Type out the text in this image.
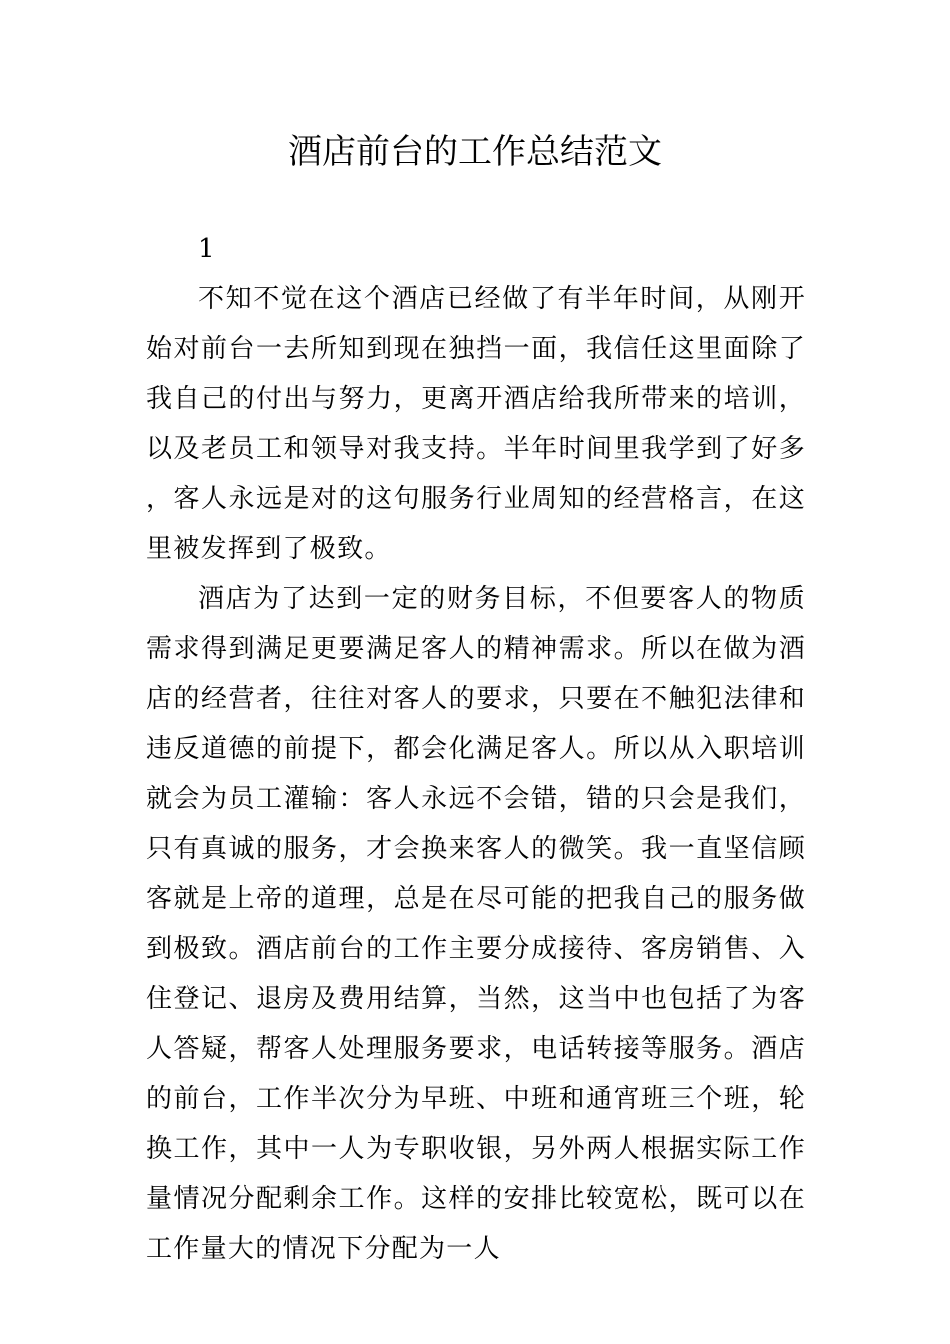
酒店前台的工作总结范文

1

不知不觉在这个酒店已经做了有半年时间，从刚开始对前台一去所知到现在独挡一面，我信任这里面除了我自己的付出与努力，更离开酒店给我所带来的培训，以及老员工和领导对我支持。半年时间里我学到了好多，客人永远是对的这句服务行业周知的经营格言，在这里被发挥到了极致。

酒店为了达到一定的财务目标，不但要客人的物质需求得到满足更要满足客人的精神需求。所以在做为酒店的经营者，往往对客人的要求，只要在不触犯法律和违反道德的前提下，都会化满足客人。所以从入职培训就会为员工灌输：客人永远不会错，错的只会是我们，只有真诚的服务，才会换来客人的微笑。我一直坚信顾客就是上帝的道理，总是在尽可能的把我自己的服务做到极致。酒店前台的工作主要分成接待、客房销售、入住登记、退房及费用结算，当然，这当中也包括了为客人答疑，帮客人处理服务要求，电话转接等服务。酒店的前台，工作半次分为早班、中班和通宵班三个班，轮换工作，其中一人为专职收银，另外两人根据实际工作量情况分配剩余工作。这样的安排比较宽松，既可以在工作量大的情况下分配为一人
